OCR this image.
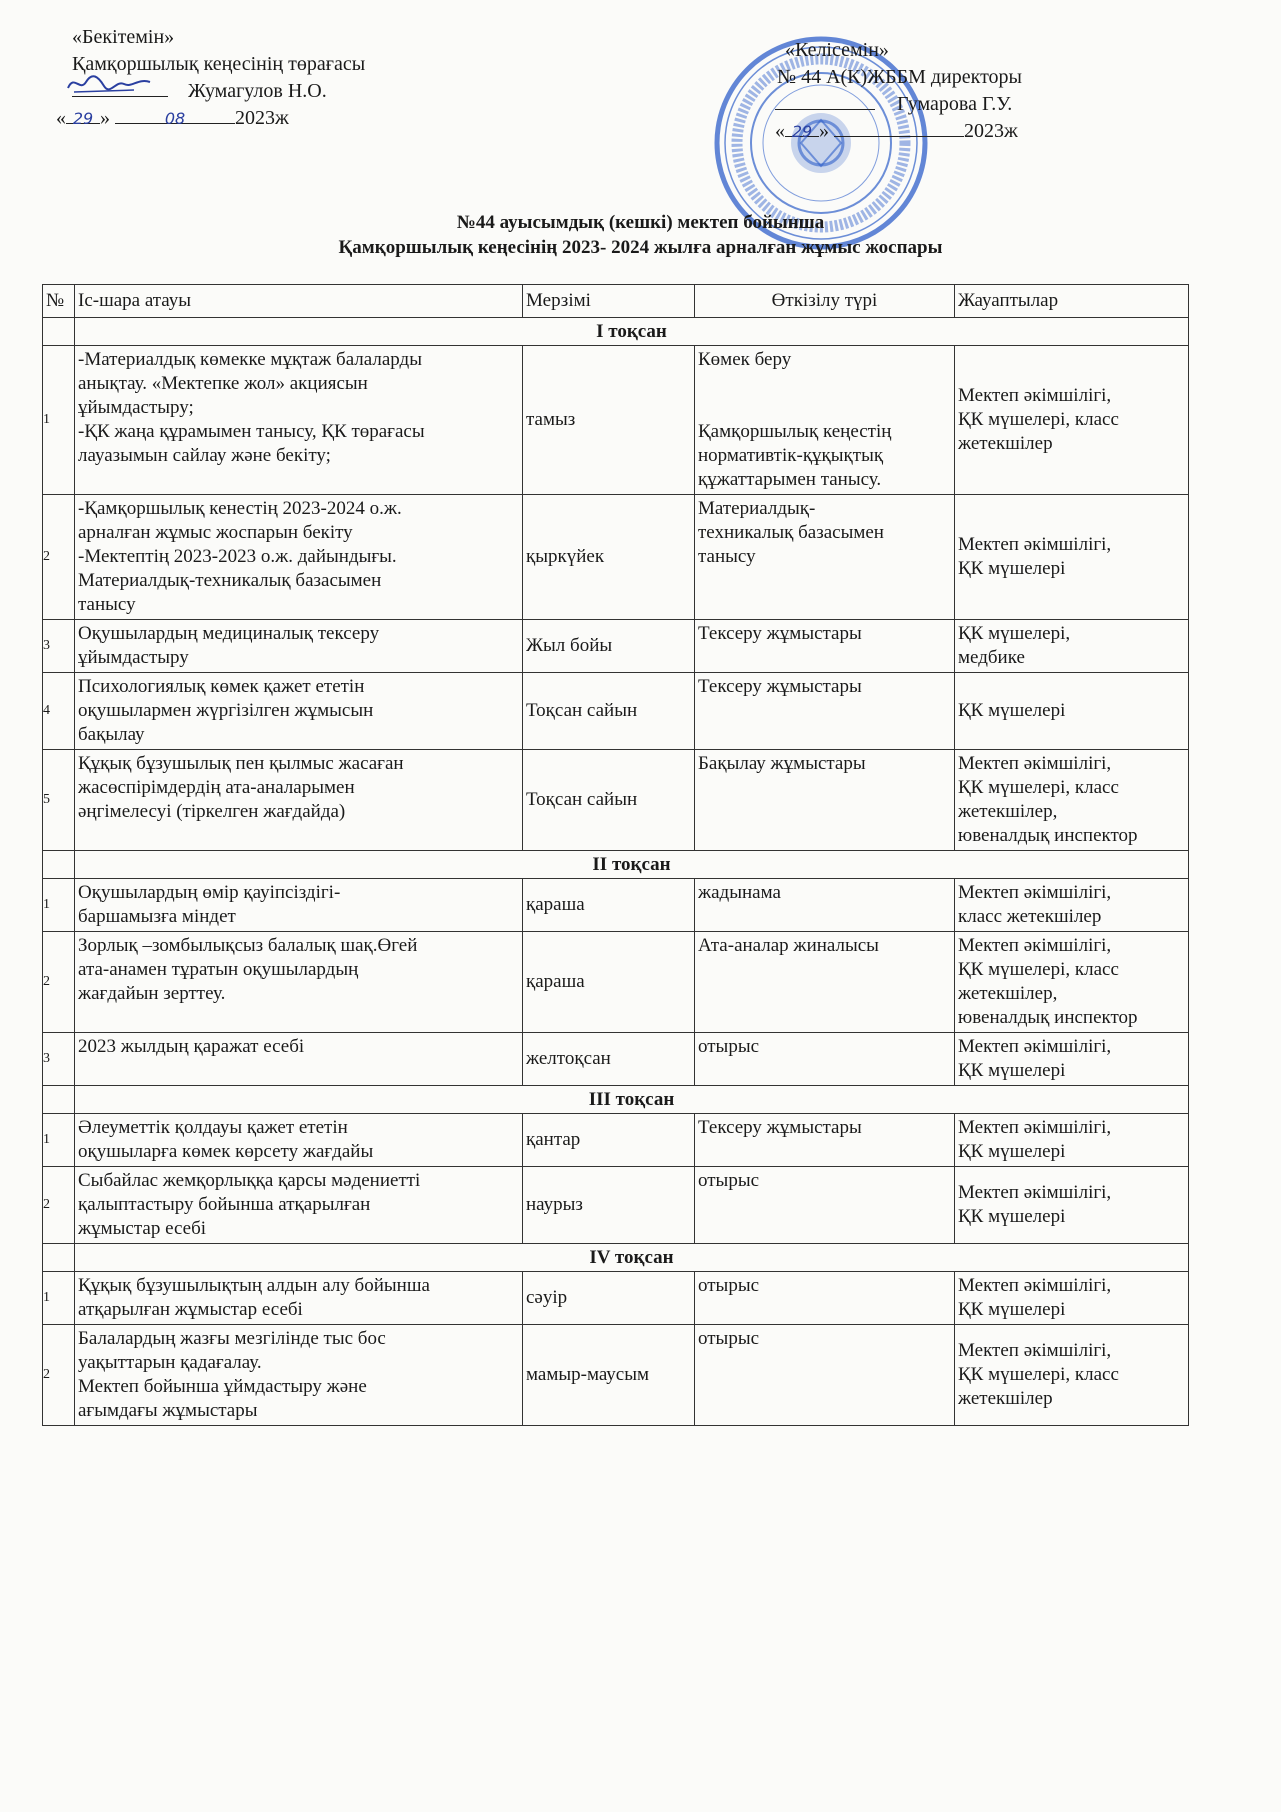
«Бекітемін»
Қамқоршылық кеңесінің төрағасы
Жумагулов Н.О.
« 29 »	08 2023ж
«Келісемін»
№ 44 А(К)ЖББМ директоры
Гумарова Г.У.
« 29 »	2023ж
№44 ауысымдық (кешкі) мектеп бойынша
Қамқоршылық кеңесінің 2023- 2024 жылға арналған жұмыс жоспары
№	Іс-шара атауы	Мерзімі	Өткізілу түрі	Жауаптылар
	I тоқсан			
1	-Материалдық көмекке мұқтаж балаларды
анықтау. «Мектепке жол» акциясын
ұйымдастыру;
-ҚК жаңа құрамымен танысу, ҚК төрағасы
лауазымын сайлау және бекіту;	тамыз	Көмек беру

Қамқоршылық кеңестің
нормативтік-құқықтық
құжаттарымен танысу.	Мектеп әкімшілігі,
ҚК мүшелері, класс
жетекшілер

2	-Қамқоршылық кенестің 2023-2024 о.ж.
арналған жұмыс жоспарын бекіту
-Мектептің 2023-2023 о.ж. дайындығы.
Материалдық-техникалық базасымен
танысу	қыркүйек	Материалдық-
техникалық базасымен
танысу	Мектеп әкімшілігі,
ҚК мүшелері

3	Оқушылардың медициналық тексеру
ұйымдастыру	Жыл бойы	Тексеру жұмыстары	ҚК мүшелері,
медбике

4	Психологиялық көмек қажет ететін
оқушылармен жүргізілген жұмысын
бақылау	Тоқсан сайын	Тексеру жұмыстары	ҚК мүшелері

5	Құқық бұзушылық пен қылмыс жасаған
жасөспірімдердің ата-аналарымен
әңгімелесуі (тіркелген жағдайда)	Тоқсан сайын	Бақылау жұмыстары	Мектеп әкімшілігі,
ҚК мүшелері, класс
жетекшілер,
ювеналдық инспектор

	II тоқсан			
1	Оқушылардың өмір қауіпсіздігі-
баршамызға міндет	қараша	жадынама	Мектеп әкімшілігі,
класс жетекшілер

2	Зорлық –зомбылықсыз балалық шақ.Өгей
ата-анамен тұратын оқушылардың
жағдайын зерттеу.	қараша	Ата-аналар жиналысы	Мектеп әкімшілігі,
ҚК мүшелері, класс
жетекшілер,
ювеналдық инспектор

3	2023 жылдың қаражат есебі	желтоқсан	отырыс	Мектеп әкімшілігі,
ҚК мүшелері

	III тоқсан			
1	Әлеуметтік қолдауы қажет ететін
оқушыларға көмек көрсету жағдайы	қантар	Тексеру жұмыстары	Мектеп әкімшілігі,
ҚК мүшелері

2	Сыбайлас жемқорлыққа қарсы мәдениетті
қалыптастыру бойынша атқарылған
жұмыстар есебі	наурыз	отырыс	Мектеп әкімшілігі,
ҚК мүшелері

	IV тоқсан			
1	Құқық бұзушылықтың алдын алу бойынша
атқарылған жұмыстар есебі	сәуір	отырыс	Мектеп әкімшілігі,
ҚК мүшелері

2	Балалардың жазғы мезгілінде тыс бос
уақыттарын қадағалау.
Мектеп бойынша ұймдастыру және
ағымдағы жұмыстары	мамыр-маусым	отырыс	Мектеп әкімшілігі,
ҚК мүшелері, класс
жетекшілер
